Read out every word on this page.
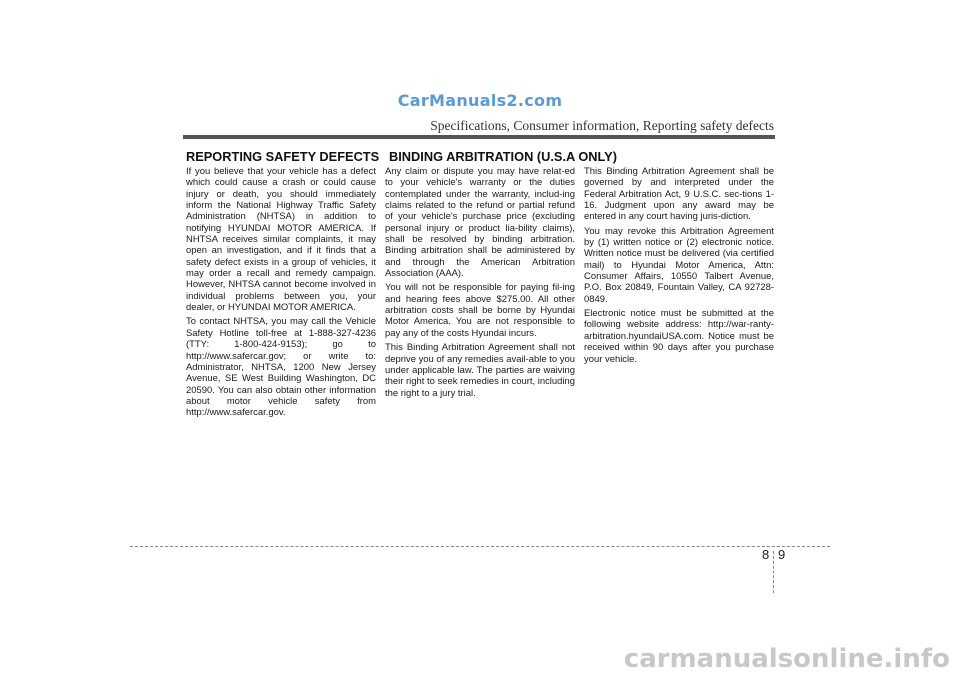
CarManuals2.com
Specifications, Consumer information, Reporting safety defects
REPORTING SAFETY DEFECTS BINDING ARBITRATION (U.S.A ONLY)

If you believe that your vehicle has a defect which could cause a crash or could cause injury or death, you should immediately inform the National Highway Traffic Safety Administration (NHTSA) in addition to notifying HYUNDAI MOTOR AMERICA. If NHTSA receives similar complaints, it may open an investigation, and if it finds that a safety defect exists in a group of vehicles, it may order a recall and remedy campaign. However, NHTSA cannot become involved in individual problems between you, your dealer, or HYUNDAI MOTOR AMERICA.

To contact NHTSA, you may call the Vehicle Safety Hotline toll-free at 1-888-327-4236 (TTY: 1-800-424-9153); go to http://www.safercar.gov; or write to: Administrator, NHTSA, 1200 New Jersey Avenue, SE West Building Washington, DC 20590. You can also obtain other information about motor vehicle safety from http://www.safercar.gov.

Any claim or dispute you may have relat-ed to your vehicle's warranty or the duties contemplated under the warranty, includ-ing claims related to the refund or partial refund of your vehicle's purchase price (excluding personal injury or product lia-bility claims), shall be resolved by binding arbitration. Binding arbitration shall be administered by and through the American Arbitration Association (AAA).

You will not be responsible for paying fil-ing and hearing fees above $275.00. All other arbitration costs shall be borne by Hyundai Motor America. You are not responsible to pay any of the costs Hyundai incurs.

This Binding Arbitration Agreement shall not deprive you of any remedies avail-able to you under applicable law. The parties are waiving their right to seek remedies in court, including the right to a jury trial.

This Binding Arbitration Agreement shall be governed by and interpreted under the Federal Arbitration Act, 9 U.S.C. sec-tions 1-16. Judgment upon any award may be entered in any court having juris-diction.

You may revoke this Arbitration Agreement by (1) written notice or (2) electronic notice. Written notice must be delivered (via certified mail) to Hyundai Motor America, Attn: Consumer Affairs, 10550 Talbert Avenue, P.O. Box 20849, Fountain Valley, CA 92728-0849.

Electronic notice must be submitted at the following website address: http://war-ranty-arbitration.hyundaiUSA.com. Notice must be received within 90 days after you purchase your vehicle.

8 9
carmanualsonline.info
